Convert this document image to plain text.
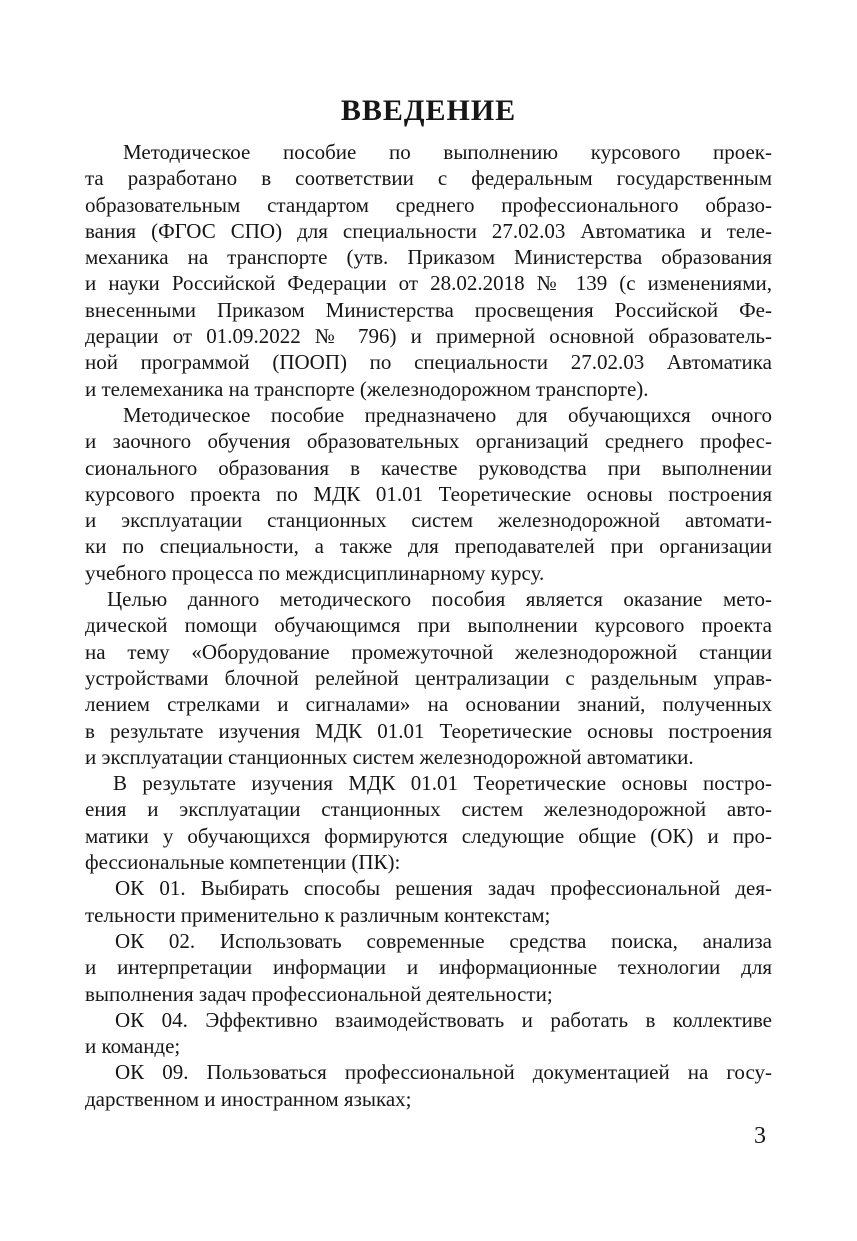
ВВЕДЕНИЕ
Методическое пособие по выполнению курсового проек-
та разработано в соответствии с федеральным государственным
образовательным стандартом среднего профессионального образо-
вания (ФГОС СПО) для специальности 27.02.03 Автоматика и теле-
механика на транспорте (утв. Приказом Министерства образования
и науки Российской Федерации от 28.02.2018 № 139 (с изменениями,
внесенными Приказом Министерства просвещения Российской Фе-
дерации от 01.09.2022 № 796) и примерной основной образователь-
ной программой (ПООП) по специальности 27.02.03 Автоматика
и телемеханика на транспорте (железнодорожном транспорте).
Методическое пособие предназначено для обучающихся очного
и заочного обучения образовательных организаций среднего профес-
сионального образования в качестве руководства при выполнении
курсового проекта по МДК 01.01 Теоретические основы построения
и эксплуатации станционных систем железнодорожной автомати-
ки по специальности, а также для преподавателей при организации
учебного процесса по междисциплинарному курсу.
Целью данного методического пособия является оказание мето-
дической помощи обучающимся при выполнении курсового проекта
на тему «Оборудование промежуточной железнодорожной станции
устройствами блочной релейной централизации с раздельным управ-
лением стрелками и сигналами» на основании знаний, полученных
в результате изучения МДК 01.01 Теоретические основы построения
и эксплуатации станционных систем железнодорожной автоматики.
В результате изучения МДК 01.01 Теоретические основы постро-
ения и эксплуатации станционных систем железнодорожной авто-
матики у обучающихся формируются следующие общие (ОК) и про-
фессиональные компетенции (ПК):
ОК 01. Выбирать способы решения задач профессиональной дея-
тельности применительно к различным контекстам;
ОК 02. Использовать современные средства поиска, анализа
и интерпретации информации и информационные технологии для
выполнения задач профессиональной деятельности;
ОК 04. Эффективно взаимодействовать и работать в коллективе
и команде;
ОК 09. Пользоваться профессиональной документацией на госу-
дарственном и иностранном языках;
3
